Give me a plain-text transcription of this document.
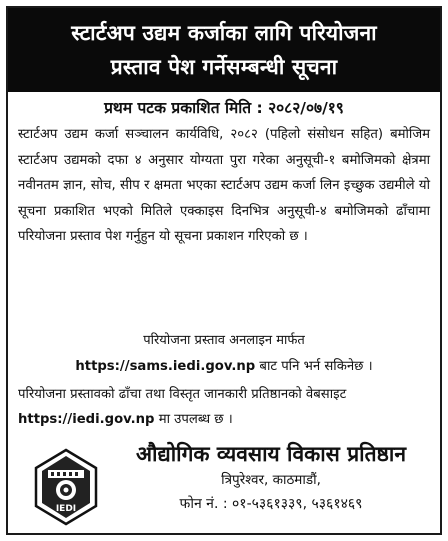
स्टार्टअप उद्यम कर्जाका लागि परियोजना
प्रस्ताव पेश गर्नेसम्बन्धी सूचना
प्रथम पटक प्रकाशित मिति : २०८२/०७/१९
स्टार्टअप उद्यम कर्जा सञ्चालन कार्यविधि, २०८२ (पहिलो संसोधन सहित) बमोजिम स्टार्टअप उद्यमको दफा ४ अनुसार योग्यता पुरा गरेका अनुसूची-१ बमोजिमको क्षेत्रमा नवीनतम ज्ञान, सोच, सीप र क्षमता भएका स्टार्टअप उद्यम कर्जा लिन इच्छुक उद्यमीले यो सूचना प्रकाशित भएको मितिले एक्काइस दिनभित्र अनुसूची-४ बमोजिमको ढाँचामा परियोजना प्रस्ताव पेश गर्नुहुन यो सूचना प्रकाशन गरिएको छ ।
परियोजना प्रस्ताव अनलाइन मार्फत
https://sams.iedi.gov.np बाट पनि भर्न सकिनेछ ।
परियोजना प्रस्तावको ढाँचा तथा विस्तृत जानकारी प्रतिष्ठानको वेबसाइट https://iedi.gov.np मा उपलब्ध छ ।
IEDI
औद्योगिक व्यवसाय विकास प्रतिष्ठान
त्रिपुरेश्वर, काठमाडौं,
फोन नं. : ०१-५३६१३३९, ५३६१४६९
